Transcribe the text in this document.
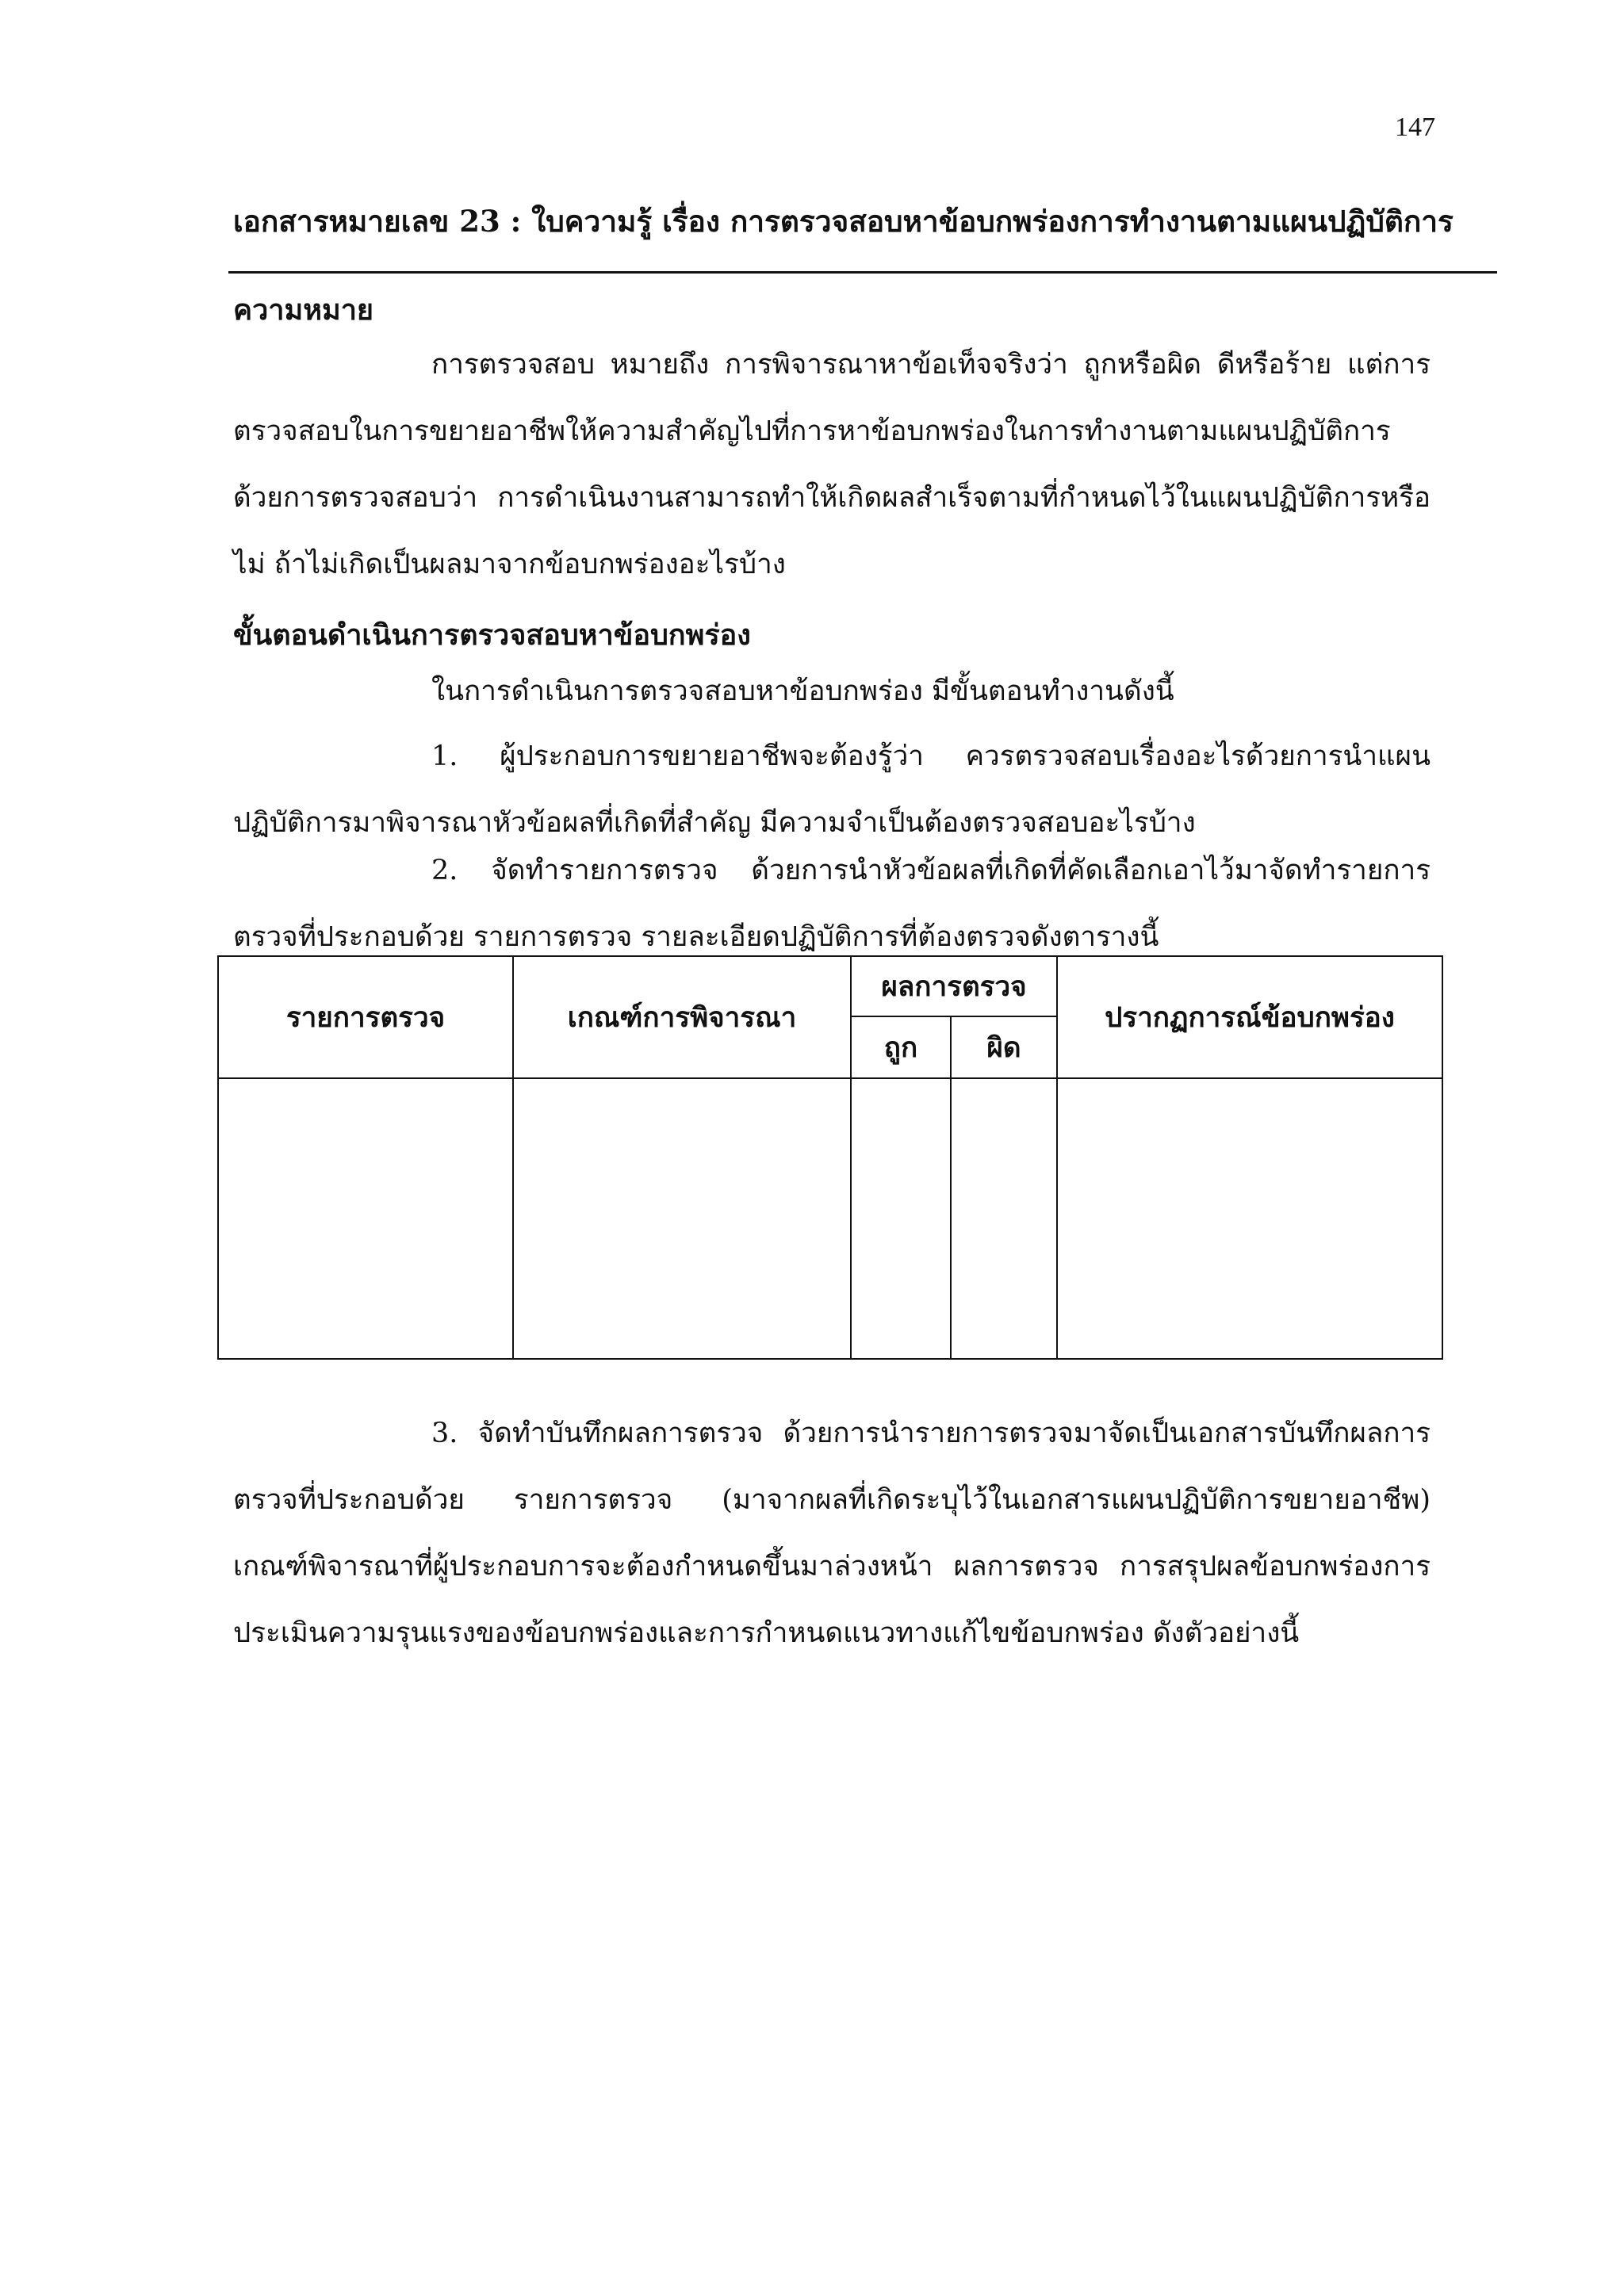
147
เอกสารหมายเลข 23 : ใบความรู้ เรื่อง การตรวจสอบหาข้อบกพร่องการทำงานตามแผนปฏิบัติการ
ความหมาย

การตรวจสอบ หมายถึง การพิจารณาหาข้อเท็จจริงว่า ถูกหรือผิด ดีหรือร้าย แต่การตรวจสอบในการขยายอาชีพให้ความสำคัญไปที่การหาข้อบกพร่องในการทำงานตามแผนปฏิบัติการ ด้วยการตรวจสอบว่า การดำเนินงานสามารถทำให้เกิดผลสำเร็จตามที่กำหนดไว้ในแผนปฏิบัติการหรือไม่ ถ้าไม่เกิดเป็นผลมาจากข้อบกพร่องอะไรบ้าง

ขั้นตอนดำเนินการตรวจสอบหาข้อบกพร่อง

ในการดำเนินการตรวจสอบหาข้อบกพร่อง มีขั้นตอนทำงานดังนี้

1. ผู้ประกอบการขยายอาชีพจะต้องรู้ว่า ควรตรวจสอบเรื่องอะไรด้วยการนำแผนปฏิบัติการมาพิจารณาหัวข้อผลที่เกิดที่สำคัญ มีความจำเป็นต้องตรวจสอบอะไรบ้าง

2. จัดทำรายการตรวจ ด้วยการนำหัวข้อผลที่เกิดที่คัดเลือกเอาไว้มาจัดทำรายการตรวจที่ประกอบด้วย รายการตรวจ รายละเอียดปฏิบัติการที่ต้องตรวจดังตารางนี้

รายการตรวจ	เกณฑ์การพิจารณา	ผลการตรวจ		ปรากฏการณ์ข้อบกพร่อง
		ถูก	ผิด	

3. จัดทำบันทึกผลการตรวจ ด้วยการนำรายการตรวจมาจัดเป็นเอกสารบันทึกผลการตรวจที่ประกอบด้วย รายการตรวจ (มาจากผลที่เกิดระบุไว้ในเอกสารแผนปฏิบัติการขยายอาชีพ) เกณฑ์พิจารณาที่ผู้ประกอบการจะต้องกำหนดขึ้นมาล่วงหน้า ผลการตรวจ การสรุปผลข้อบกพร่องการประเมินความรุนแรงของข้อบกพร่องและการกำหนดแนวทางแก้ไขข้อบกพร่อง ดังตัวอย่างนี้
